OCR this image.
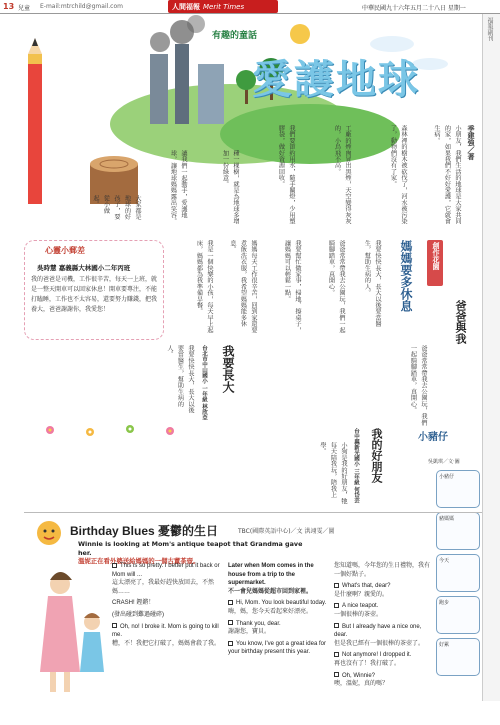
13 兒童 E-mail:mtrchild@gmail.com	中華民國九十六年五月二十八日 星期一
人間福報 Merit Times
福報副刊
有趣的童話
愛護地球
季建強／著
小朋友，我們生活的地球是大家共同的家，如果我們不好好愛護，它就會生病。
森林裡的樹木被砍伐了，河水被污染了，動物們沒有了家。
工廠的煙囪冒出黑煙，天空變得灰灰的，小鳥飛不高。
我們要節約用水，隨手關燈，少用塑膠袋，做好資源回收。
種一棵樹，就是為地球多增加一份綠意。
讓我們一起動手，愛護地球，讓地球媽媽露出笑容。
大家都是地球的好孩子，要從小做起。
心靈小郵差
吳時慧 嘉義縣大林國小二年丙班
我的爸爸是司機，工作很辛苦，每天一上班，就是一整天開車可以回家休息！開車要專注，不能打瞌睡，工作也不太容易，還要努力賺錢，把我養大，爸爸謝謝你，我愛您！	我是一個快樂的小孩，每天早上起床，媽媽都為我準備早餐。	媽媽每天工作很辛苦，回到家還要煮飯洗衣服，我希望媽媽能多休息。	我要幫忙做家事，掃地、擦桌子，讓媽媽可以輕鬆一點。	爸爸常常帶我去公園玩，我們一起騎腳踏車，真開心。	我要快快長大，長大以後要當醫生，幫助生病的人。	創作花園
媽媽要多休息
我要長大
台北市中山國小 一年級 林欣亞
我要快快長大，長大以後要當醫生，幫助生病的人。
爸爸與我
爸爸常常帶我去公園玩，我們一起騎腳踏車，真開心。
我的好朋友
台中縣新光國小 三年級 何岱芸
小狗是我的好朋友，牠每天陪我玩，陪我上學。
小豬仔
吳凱琪／文‧圖
小豬仔
豬媽媽
今天
跑步
好累
Birthday Blues 憂鬱的生日	TBC(國際英語中心)／文 洪翊雯／圖
Winnie is looking at Mom's antique teapot that Grandma gave her.
溫妮正在看外婆送給媽媽的一個古董茶壺。

This is so pretty. I better put it back or Mom will ...
這太漂亮了，我最好趕快放回去，不然媽……

CRASH! 鏗鏘！

(發出碰到難過碰碎)

Oh, no! I broke it. Mom is going to kill me.
糟，不！我把它打破了，媽媽會殺了我。

Later when Mom comes in the house from a trip to the supermarket.
不一會兒媽媽從超市回到家裡。

Hi, Mom. You look beautiful today.
嗨，媽，您今天看起來好漂亮。

Thank you, dear.
謝謝您，寶貝。

You know, I've got a great idea for your birthday present this year.

您知道嗎，今年您的生日禮物，我有一個好點子。

What's that, dear?
是什麼啊？親愛的。

A nice teapot.
一個很棒的茶壺。

But I already have a nice one, dear.
但是我已經有一個很棒的茶壺了。

Not anymore! I dropped it.
再也沒有了！我打破了。

Oh, Winnie?
噢，溫妮，真的嗎？
